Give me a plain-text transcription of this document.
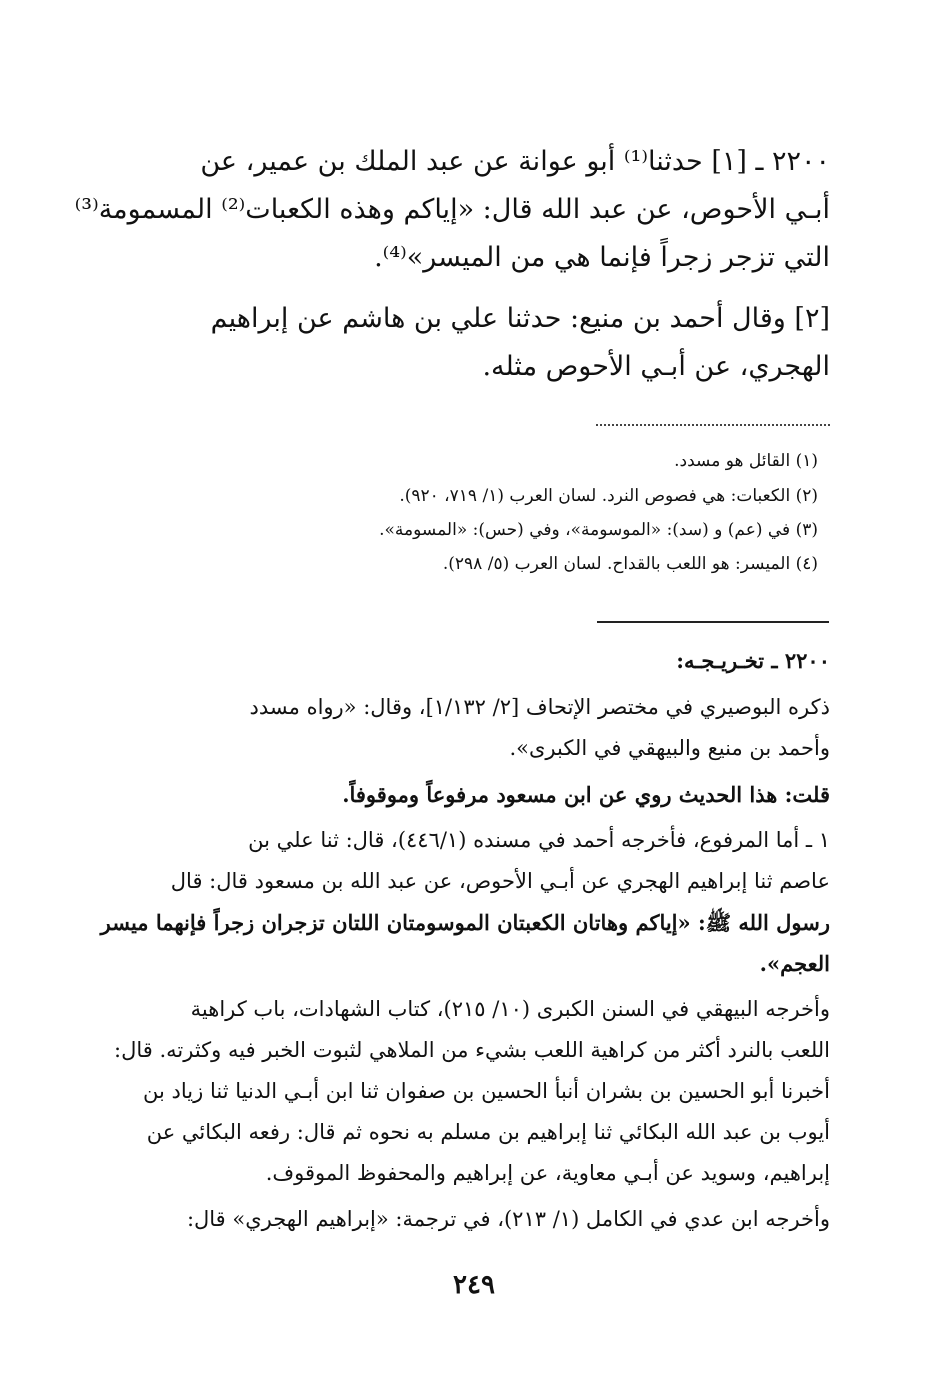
٢٢٠٠ ـ [١] حدثنا⁽¹⁾ أبو عوانة عن عبد الملك بن عمير، عن

أبـي الأحوص، عن عبد الله قال: «إياكم وهذه الكعبات⁽²⁾ المسمومة⁽³⁾

التي تزجر زجراً فإنما هي من الميسر»⁽⁴⁾.

[٢] وقال أحمد بن منيع: حدثنا علي بن هاشم عن إبراهيم

الهجري، عن أبـي الأحوص مثله.

(١) القائل هو مسدد.

(٢) الكعبات: هي فصوص النرد. لسان العرب (١/ ٧١٩، ٩٢٠).

(٣) في (عم) و (سد): «الموسومة»، وفي (حس): «المسومة».

(٤) الميسر: هو اللعب بالقداح. لسان العرب (٥/ ٢٩٨).

٢٢٠٠ ـ تخـريـجـه:

ذكره البوصيري في مختصر الإتحاف [٢/ ١/١٣٢]، وقال: «رواه مسدد

وأحمد بن منيع والبيهقي في الكبرى».

قلت: هذا الحديث روي عن ابن مسعود مرفوعاً وموقوفاً.

١ ـ أما المرفوع، فأخرجه أحمد في مسنده (٤٤٦/١)، قال: ثنا علي بن

عاصم ثنا إبراهيم الهجري عن أبـي الأحوص، عن عبد الله بن مسعود قال: قال

رسول الله ﷺ: «إياكم وهاتان الكعبتان الموسومتان اللتان تزجران زجراً فإنهما ميسر

العجم».

وأخرجه البيهقي في السنن الكبرى (١٠/ ٢١٥)، كتاب الشهادات، باب كراهية

اللعب بالنرد أكثر من كراهية اللعب بشيء من الملاهي لثبوت الخبر فيه وكثرته. قال:

أخبرنا أبو الحسين بن بشران أنبأ الحسين بن صفوان ثنا ابن أبـي الدنيا ثنا زياد بن

أيوب بن عبد الله البكائي ثنا إبراهيم بن مسلم به نحوه ثم قال: رفعه البكائي عن

إبراهيم، وسويد عن أبـي معاوية، عن إبراهيم والمحفوظ الموقوف.

وأخرجه ابن عدي في الكامل (١/ ٢١٣)، في ترجمة: «إبراهيم الهجري» قال:

٢٤٩
